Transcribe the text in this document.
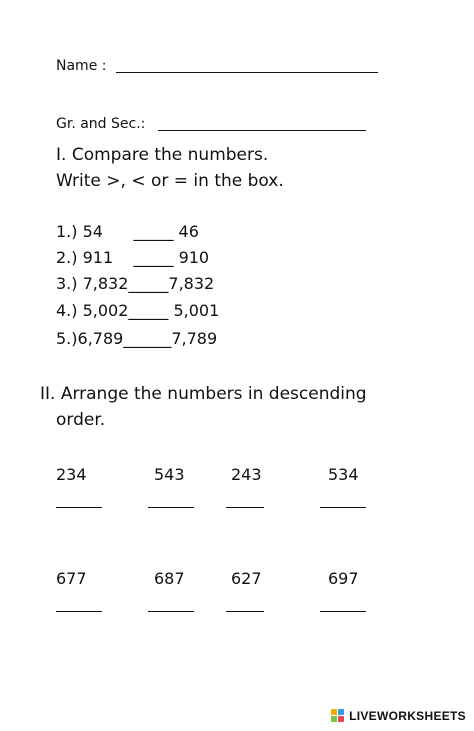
Name :
Gr. and Sec.:
I. Compare the numbers.
Write >, < or = in the box.
1.) 54      _____ 46
2.) 911    _____ 910
3.) 7,832_____7,832
4.) 5,002_____ 5,001
5.)6,789______7,789
II. Arrange the numbers in descending
order.
234	543	243	534
677	687	627	697
LIVEWORKSHEETS
